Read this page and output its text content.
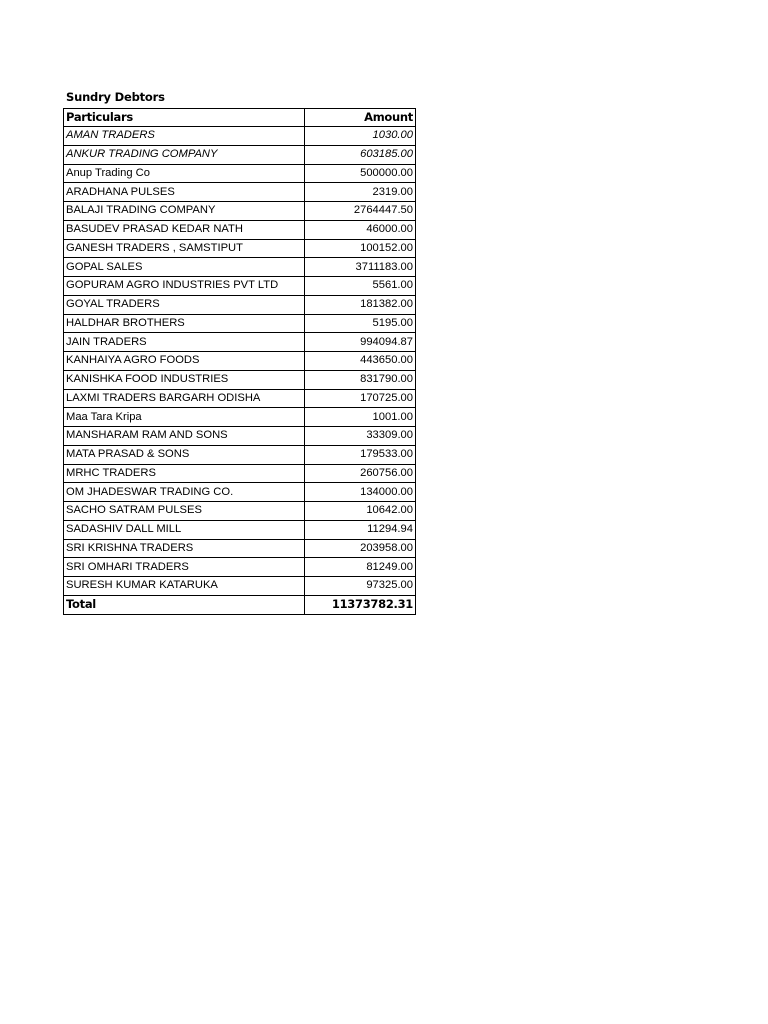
Sundry Debtors
Particulars	Amount
AMAN TRADERS	1030.00
ANKUR TRADING COMPANY	603185.00
Anup Trading Co	500000.00
ARADHANA PULSES	2319.00
BALAJI TRADING COMPANY	2764447.50
BASUDEV PRASAD KEDAR NATH	46000.00
GANESH TRADERS , SAMSTIPUT	100152.00
GOPAL SALES	3711183.00
GOPURAM AGRO INDUSTRIES PVT LTD	5561.00
GOYAL TRADERS	181382.00
HALDHAR BROTHERS	5195.00
JAIN TRADERS	994094.87
KANHAIYA AGRO FOODS	443650.00
KANISHKA FOOD INDUSTRIES	831790.00
LAXMI TRADERS BARGARH ODISHA	170725.00
Maa Tara Kripa	1001.00
MANSHARAM RAM AND SONS	33309.00
MATA PRASAD & SONS	179533.00
MRHC TRADERS	260756.00
OM JHADESWAR TRADING CO.	134000.00
SACHO SATRAM PULSES	10642.00
SADASHIV DALL MILL	11294.94
SRI KRISHNA TRADERS	203958.00
SRI OMHARI TRADERS	81249.00
SURESH KUMAR KATARUKA	97325.00
Total	11373782.31
